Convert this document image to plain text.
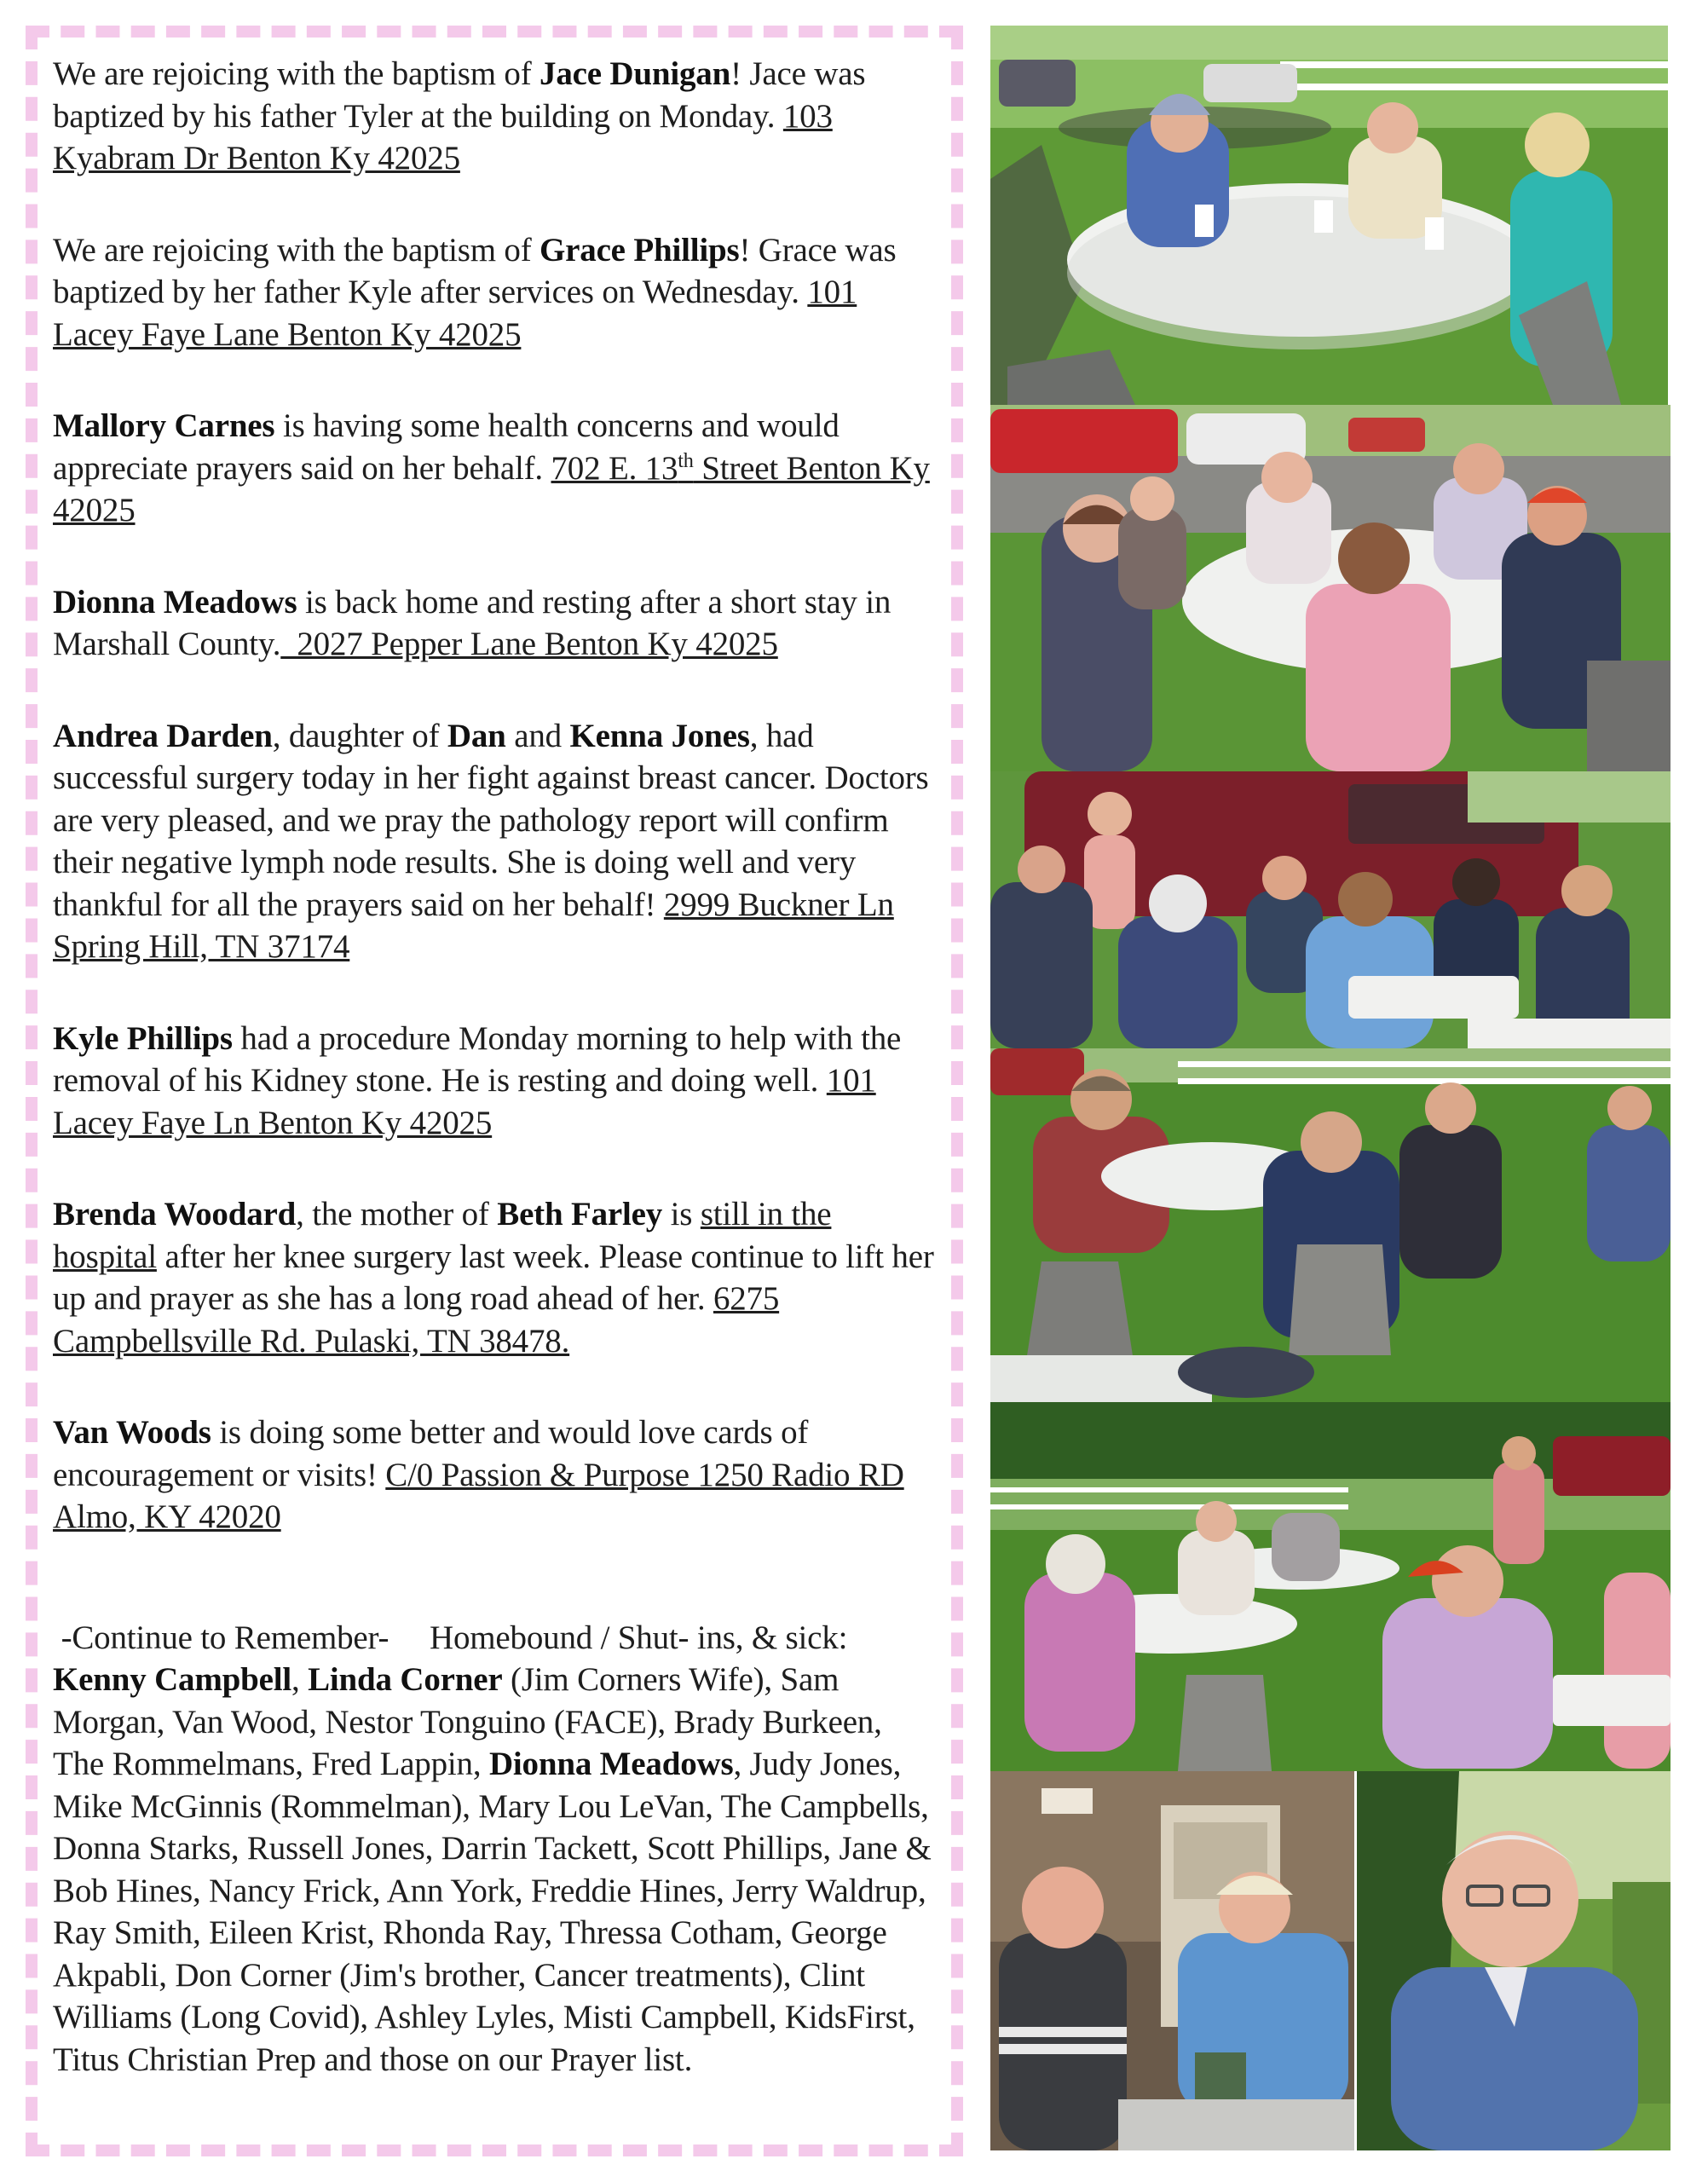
We are rejoicing with the baptism of Jace Dunigan! Jace was baptized by his father Tyler at the building on Monday. 103 Kyabram Dr Benton Ky 42025

We are rejoicing with the baptism of Grace Phillips! Grace was baptized by her father Kyle after services on Wednesday. 101 Lacey Faye Lane Benton Ky 42025

Mallory Carnes is having some health concerns and would appreciate prayers said on her behalf. 702 E. 13th Street Benton Ky 42025

Dionna Meadows is back home and resting after a short stay in Marshall County.  2027 Pepper Lane Benton Ky 42025

Andrea Darden, daughter of Dan and Kenna Jones, had successful surgery today in her fight against breast cancer. Doctors are very pleased, and we pray the pathology report will confirm their negative lymph node results. She is doing well and very thankful for all the prayers said on her behalf! 2999 Buckner Ln Spring Hill, TN 37174

Kyle Phillips had a procedure Monday morning to help with the removal of his Kidney stone. He is resting and doing well. 101 Lacey Faye Ln Benton Ky 42025

Brenda Woodard, the mother of Beth Farley is still in the hospital after her knee surgery last week. Please continue to lift her up and prayer as she has a long road ahead of her. 6275 Campbellsville Rd. Pulaski, TN 38478.

Van Woods is doing some better and would love cards of encouragement or visits! C/0 Passion & Purpose 1250 Radio RD Almo, KY 42020

-Continue to Remember-     Homebound / Shut- ins, & sick:

Kenny Campbell, Linda Corner (Jim Corners Wife), Sam Morgan, Van Wood, Nestor Tonguino (FACE), Brady Burkeen, The Rommelmans, Fred Lappin, Dionna Meadows, Judy Jones, Mike McGinnis (Rommelman), Mary Lou LeVan, The Campbells, Donna Starks, Russell Jones, Darrin Tackett, Scott Phillips, Jane & Bob Hines, Nancy Frick, Ann York, Freddie Hines, Jerry Waldrup, Ray Smith, Eileen Krist, Rhonda Ray, Thressa Cotham, George Akpabli, Don Corner (Jim's brother, Cancer treatments), Clint Williams (Long Covid), Ashley Lyles, Misti Campbell, KidsFirst, Titus Christian Prep and those on our Prayer list.
